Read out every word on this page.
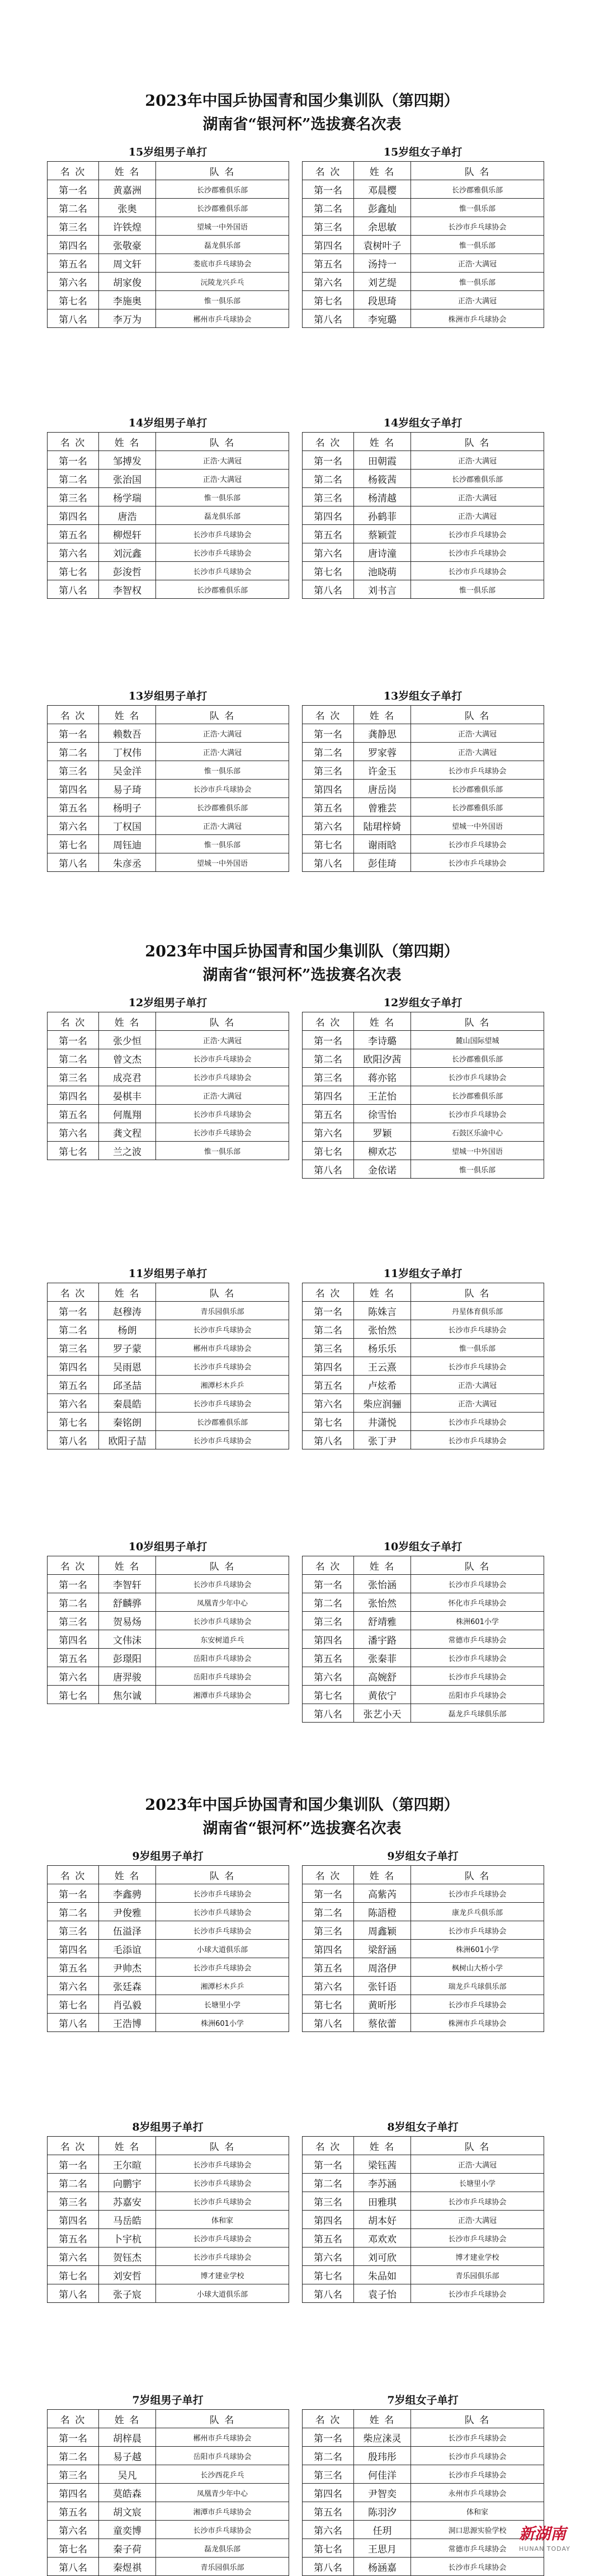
2023年中国乒协国青和国少集训队（第四期）
湖南省“银河杯”选拔赛名次表
15岁组男子单打
名 次	姓 名	队 名
第一名	黄嘉洲	长沙郡雅俱乐部
第二名	张奥	长沙郡雅俱乐部
第三名	许铁煌	望城一中外国语
第四名	张敬豪	磊龙俱乐部
第五名	周文轩	娄底市乒乓球协会
第六名	胡家俊	沅陵龙兴乒乓
第七名	李施奥	惟一俱乐部
第八名	李万为	郴州市乒乓球协会
15岁组女子单打
名 次	姓 名	队 名
第一名	邓晨樱	长沙郡雅俱乐部
第二名	彭鑫灿	惟一俱乐部
第三名	余思敏	长沙市乒乓球协会
第四名	袁树叶子	惟一俱乐部
第五名	汤持一	正浩·大满冠
第六名	刘艺缇	惟一俱乐部
第七名	段思琦	正浩·大满冠
第八名	李宛璐	株洲市乒乓球协会
14岁组男子单打
名 次	姓 名	队 名
第一名	邹搏发	正浩·大满冠
第二名	张治国	正浩·大满冠
第三名	杨学瑞	惟一俱乐部
第四名	唐浩	磊龙俱乐部
第五名	柳煜轩	长沙市乒乓球协会
第六名	刘沅鑫	长沙市乒乓球协会
第七名	彭浚哲	长沙市乒乓球协会
第八名	李智权	长沙郡雅俱乐部
14岁组女子单打
名 次	姓 名	队 名
第一名	田朝霞	正浩·大满冠
第二名	杨筱茜	长沙郡雅俱乐部
第三名	杨清越	正浩·大满冠
第四名	孙鹤菲	正浩·大满冠
第五名	蔡颖萱	长沙市乒乓球协会
第六名	唐诗潼	长沙市乒乓球协会
第七名	池晓萌	长沙市乒乓球协会
第八名	刘书言	惟一俱乐部
13岁组男子单打
名 次	姓 名	队 名
第一名	赖数吾	正浩·大满冠
第二名	丁权伟	正浩·大满冠
第三名	吴金洋	惟一俱乐部
第四名	易子琦	长沙市乒乓球协会
第五名	杨明子	长沙郡雅俱乐部
第六名	丁权国	正浩·大满冠
第七名	周钰迪	惟一俱乐部
第八名	朱彦丞	望城一中外国语
13岁组女子单打
名 次	姓 名	队 名
第一名	龚静思	正浩·大满冠
第二名	罗家蓉	正浩·大满冠
第三名	许金玉	长沙市乒乓球协会
第四名	唐岳岗	长沙郡雅俱乐部
第五名	曾雅芸	长沙郡雅俱乐部
第六名	陆珺梓婍	望城一中外国语
第七名	谢雨晗	长沙市乒乓球协会
第八名	彭佳琦	长沙市乒乓球协会
2023年中国乒协国青和国少集训队（第四期）
湖南省“银河杯”选拔赛名次表
12岁组男子单打
名 次	姓 名	队 名
第一名	张少恒	正浩·大满冠
第二名	曾文杰	长沙市乒乓球协会
第三名	成亮君	长沙市乒乓球协会
第四名	晏棋丰	正浩·大满冠
第五名	何胤翔	长沙市乒乓球协会
第六名	龚文程	长沙市乒乓球协会
第七名	兰之波	惟一俱乐部
12岁组女子单打
名 次	姓 名	队 名
第一名	李诗璐	麓山国际望城
第二名	欧阳汐茜	长沙郡雅俱乐部
第三名	蒋亦铭	长沙市乒乓球协会
第四名	王芷怡	长沙郡雅俱乐部
第五名	徐雪怡	长沙市乒乓球协会
第六名	罗颖	石鼓区乐渝中心
第七名	柳欢芯	望城一中外国语
第八名	金依诺	惟一俱乐部
11岁组男子单打
名 次	姓 名	队 名
第一名	赵穆涛	青乐园俱乐部
第二名	杨朗	长沙市乒乓球协会
第三名	罗子蒙	郴州市乒乓球协会
第四名	吴雨恩	长沙市乒乓球协会
第五名	邱圣喆	湘潭杉木乒乒
第六名	秦晨皓	长沙市乒乓球协会
第七名	秦铭朗	长沙郡雅俱乐部
第八名	欧阳子喆	长沙市乒乓球协会
11岁组女子单打
名 次	姓 名	队 名
第一名	陈姝言	丹星体育俱乐部
第二名	张怡然	长沙市乒乓球协会
第三名	杨乐乐	惟一俱乐部
第四名	王云熹	长沙市乒乓球协会
第五名	卢炫希	正浩·大满冠
第六名	柴应润骊	正浩·大满冠
第七名	井潇悦	长沙市乒乓球协会
第八名	张丁尹	长沙市乒乓球协会
10岁组男子单打
名 次	姓 名	队 名
第一名	李智轩	长沙市乒乓球协会
第二名	舒麟骅	凤凰青少年中心
第三名	贺易炀	长沙市乒乓球协会
第四名	文伟沫	东安树道乒乓
第五名	彭璟阳	岳阳市乒乓球协会
第六名	唐羿骏	岳阳市乒乓球协会
第七名	焦尔诚	湘潭市乒乓球协会
10岁组女子单打
名 次	姓 名	队 名
第一名	张怡涵	长沙市乒乓球协会
第二名	张怡然	怀化市乒乓球协会
第三名	舒靖雅	株洲601小学
第四名	潘宇路	常德市乒乓球协会
第五名	张秦菲	长沙市乒乓球协会
第六名	高婉舒	长沙市乒乓球协会
第七名	黄依宁	岳阳市乒乓球协会
第八名	张艺小天	磊龙乒乓球俱乐部
2023年中国乒协国青和国少集训队（第四期）
湖南省“银河杯”选拔赛名次表
9岁组男子单打
名 次	姓 名	队 名
第一名	李鑫骋	长沙市乒乓球协会
第二名	尹俊雅	长沙市乒乓球协会
第三名	伍溢泽	长沙市乒乓球协会
第四名	毛添谊	小球大道俱乐部
第五名	尹帅杰	长沙市乒乓球协会
第六名	张廷森	湘潭杉木乒乒
第七名	肖弘毅	长塘里小学
第八名	王浩博	株洲601小学
9岁组女子单打
名 次	姓 名	队 名
第一名	高紫芮	长沙市乒乓球协会
第二名	陈語橙	康龙乒乓俱乐部
第三名	周鑫颖	长沙市乒乓球协会
第四名	梁舒涵	株洲601小学
第五名	周洛伊	枫树山大桥小学
第六名	张钎语	瑞龙乒乓球俱乐部
第七名	黄昕彤	长沙市乒乓球协会
第八名	蔡依蕾	株洲市乒乓球协会
8岁组男子单打
名 次	姓 名	队 名
第一名	王尔暄	长沙市乒乓球协会
第二名	向鹏宇	长沙市乒乓球协会
第三名	苏嘉安	长沙市乒乓球协会
第四名	马岳皓	体和家
第五名	卜宇杭	长沙市乒乓球协会
第六名	贺钰杰	长沙市乒乓球协会
第七名	刘安哲	博才建业学校
第八名	张子宸	小球大道俱乐部
8岁组女子单打
名 次	姓 名	队 名
第一名	梁钰茜	正浩·大满冠
第二名	李苏涵	长塘里小学
第三名	田雅琪	长沙市乒乓球协会
第四名	胡本好	正浩·大满冠
第五名	邓欢欢	长沙市乒乓球协会
第六名	刘可欣	博才建业学校
第七名	朱品如	青乐园俱乐部
第八名	袁子怡	长沙市乒乓球协会
7岁组男子单打
名 次	姓 名	队 名
第一名	胡梓晨	郴州市乒乓球协会
第二名	易子越	岳阳市乒乓球协会
第三名	吴凡	长沙西花乒乓
第四名	莫皓森	凤凰青少年中心
第五名	胡文宸	湘潭市乒乓球协会
第六名	童奕博	长沙市乒乓球协会
第七名	秦子荷	磊龙俱乐部
第八名	秦煜祺	青乐园俱乐部
7岁组女子单打
名 次	姓 名	队 名
第一名	柴应涞灵	长沙市乒乓球协会
第二名	殷玮彤	长沙市乒乓球协会
第三名	何佳洋	长沙市乒乓球协会
第四名	尹智奕	永州市乒乓球协会
第五名	陈羽汐	体和家
第六名	任玥	洞口思源实验学校
第七名	王思月	常德市乒乓球协会
第八名	杨涵嘉	长沙市乒乓球协会
新湖南
HUNAN TODAY
